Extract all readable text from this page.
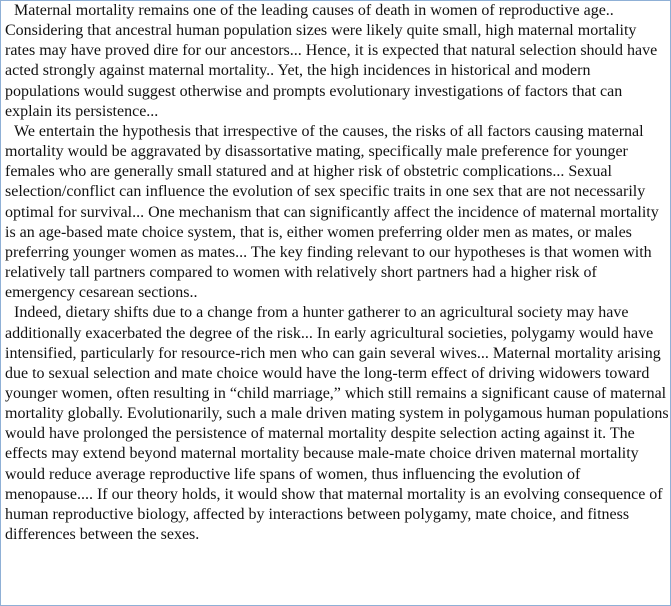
Maternal mortality remains one of the leading causes of death in women of reproductive age.. Considering that ancestral human population sizes were likely quite small, high maternal mortality rates may have proved dire for our ancestors... Hence, it is expected that natural selection should have acted strongly against maternal mortality.. Yet, the high incidences in historical and modern populations would suggest otherwise and prompts evolutionary investigations of factors that can explain its persistence...

We entertain the hypothesis that irrespective of the causes, the risks of all factors causing maternal mortality would be aggravated by disassortative mating, specifically male preference for younger females who are generally small statured and at higher risk of obstetric complications... Sexual selection/conflict can influence the evolution of sex specific traits in one sex that are not necessarily optimal for survival... One mechanism that can significantly affect the incidence of maternal mortality is an age-based mate choice system, that is, either women preferring older men as mates, or males preferring younger women as mates... The key finding relevant to our hypotheses is that women with relatively tall partners compared to women with relatively short partners had a higher risk of emergency cesarean sections..

Indeed, dietary shifts due to a change from a hunter gatherer to an agricultural society may have additionally exacerbated the degree of the risk... In early agricultural societies, polygamy would have intensified, particularly for resource-rich men who can gain several wives... Maternal mortality arising due to sexual selection and mate choice would have the long-term effect of driving widowers toward younger women, often resulting in “child marriage,” which still remains a significant cause of maternal mortality globally. Evolutionarily, such a male driven mating system in polygamous human populations would have prolonged the persistence of maternal mortality despite selection acting against it. The effects may extend beyond maternal mortality because male-mate choice driven maternal mortality would reduce average reproductive life spans of women, thus influencing the evolution of menopause.... If our theory holds, it would show that maternal mortality is an evolving consequence of human reproductive biology, affected by interactions between polygamy, mate choice, and fitness differences between the sexes.
